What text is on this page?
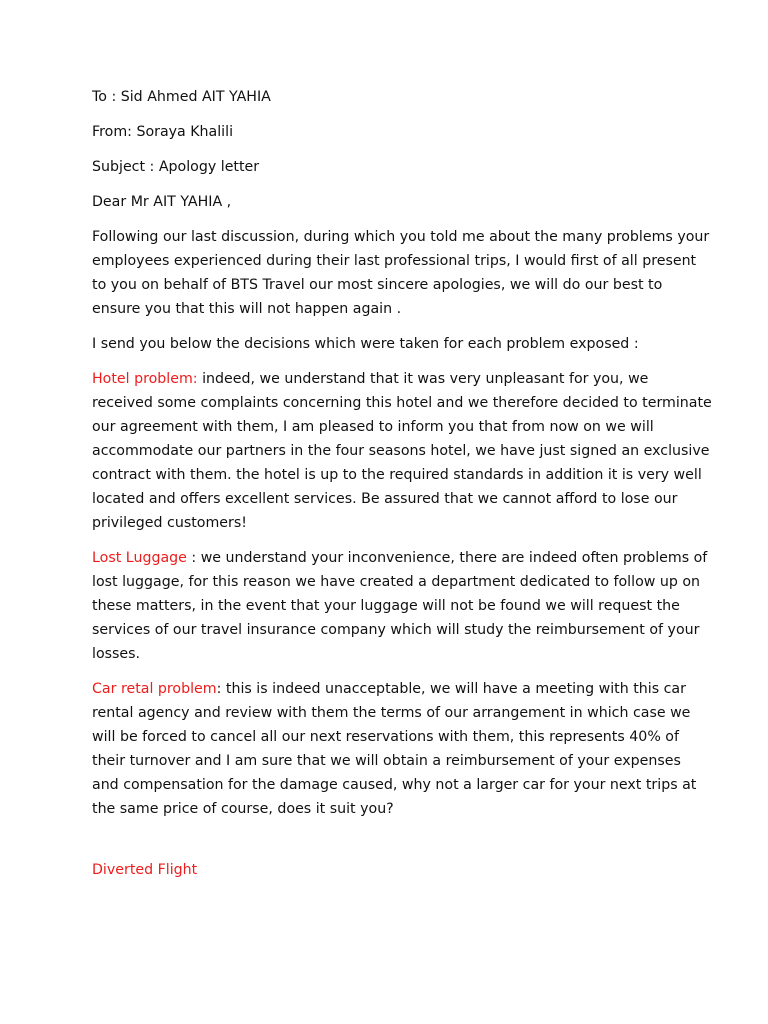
To : Sid Ahmed AIT YAHIA

From: Soraya Khalili

Subject : Apology letter

Dear Mr AIT YAHIA ,

Following our last discussion, during which you told me about the many problems your employees experienced during their last professional trips, I would first of all present to you on behalf of BTS Travel our most sincere apologies, we will do our best to ensure you that this will not happen again .

I send you below the decisions which were taken for each problem exposed :

Hotel problem: indeed, we understand that it was very unpleasant for you, we received some complaints concerning this hotel and we therefore decided to terminate our agreement with them, I am pleased to inform you that from now on we will accommodate our partners in the four seasons hotel, we have just signed an exclusive contract with them. the hotel is up to the required standards in addition it is very well located and offers excellent services. Be assured that we cannot afford to lose our privileged customers!

Lost Luggage : we understand your inconvenience, there are indeed often problems of lost luggage, for this reason we have created a department dedicated to follow up on these matters, in the event that your luggage will not be found we will request the services of our travel insurance company which will study the reimbursement of your losses.

Car retal problem: this is indeed unacceptable, we will have a meeting with this car rental agency and review with them the terms of our arrangement in which case we will be forced to cancel all our next reservations with them, this represents 40% of their turnover and I am sure that we will obtain a reimbursement of your expenses and compensation for the damage caused, why not a larger car for your next trips at the same price of course, does it suit you?

Diverted Flight
